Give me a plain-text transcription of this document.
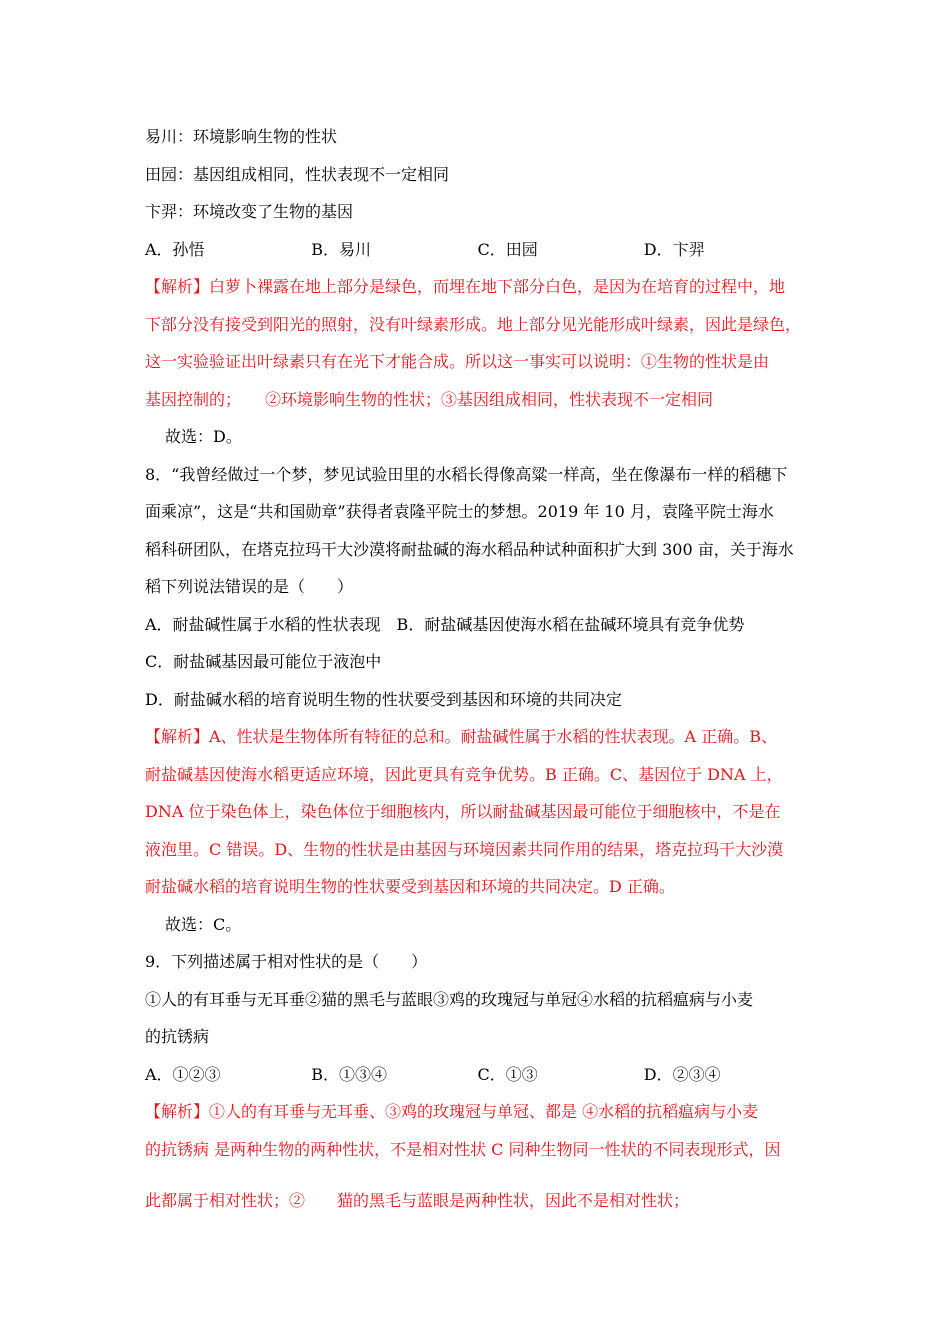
易川：环境影响生物的性状
田园：基因组成相同，性状表现不一定相同
卞羿：环境改变了生物的基因
A．孙悟	B．易川	C．田园	D．卞羿
【解析】白萝卜裸露在地上部分是绿色，而埋在地下部分白色，是因为在培育的过程中，地
下部分没有接受到阳光的照射，没有叶绿素形成。地上部分见光能形成叶绿素，因此是绿色，
这一实验验证出叶绿素只有在光下才能合成。所以这一事实可以说明：①生物的性状是由
基因控制的；　　②环境影响生物的性状；③基因组成相同，性状表现不一定相同
故选：D。
8．“我曾经做过一个梦，梦见试验田里的水稻长得像高粱一样高，坐在像瀑布一样的稻穗下
面乘凉”，这是“共和国勋章”获得者袁隆平院士的梦想。2019 年 10 月，袁隆平院士海水
稻科研团队，在塔克拉玛干大沙漠将耐盐碱的海水稻品种试种面积扩大到 300 亩，关于海水
稻下列说法错误的是（　　）
A．耐盐碱性属于水稻的性状表现　B．耐盐碱基因使海水稻在盐碱环境具有竞争优势
C．耐盐碱基因最可能位于液泡中
D．耐盐碱水稻的培育说明生物的性状要受到基因和环境的共同决定
【解析】A、性状是生物体所有特征的总和。耐盐碱性属于水稻的性状表现。A 正确。B、
耐盐碱基因使海水稻更适应环境，因此更具有竞争优势。B 正确。C、基因位于 DNA 上，
DNA 位于染色体上，染色体位于细胞核内，所以耐盐碱基因最可能位于细胞核中，不是在
液泡里。C 错误。D、生物的性状是由基因与环境因素共同作用的结果，塔克拉玛干大沙漠
耐盐碱水稻的培育说明生物的性状要受到基因和环境的共同决定。D 正确。
故选：C。
9．下列描述属于相对性状的是（　　）
①人的有耳垂与无耳垂②猫的黑毛与蓝眼③鸡的玫瑰冠与单冠④水稻的抗稻瘟病与小麦
的抗锈病
A．①②③	B．①③④	C．①③	D．②③④
【解析】①人的有耳垂与无耳垂、③鸡的玫瑰冠与单冠、都是 ④水稻的抗稻瘟病与小麦
的抗锈病 是两种生物的两种性状，不是相对性状 C 同种生物同一性状的不同表现形式，因
此都属于相对性状；②　　猫的黑毛与蓝眼是两种性状，因此不是相对性状；
